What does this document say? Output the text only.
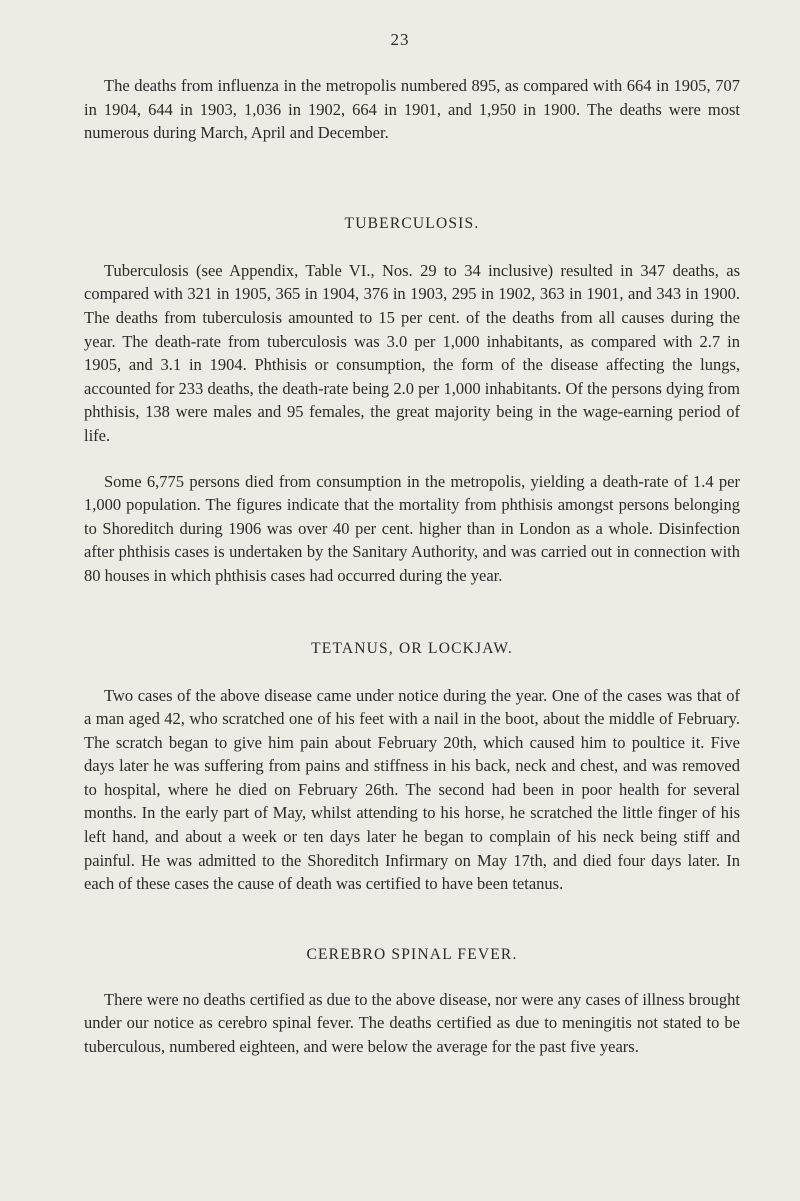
23

The deaths from influenza in the metropolis numbered 895, as compared with 664 in 1905, 707 in 1904, 644 in 1903, 1,036 in 1902, 664 in 1901, and 1,950 in 1900. The deaths were most numerous during March, April and December.

TUBERCULOSIS.

Tuberculosis (see Appendix, Table VI., Nos. 29 to 34 inclusive) resulted in 347 deaths, as compared with 321 in 1905, 365 in 1904, 376 in 1903, 295 in 1902, 363 in 1901, and 343 in 1900. The deaths from tuberculosis amounted to 15 per cent. of the deaths from all causes during the year. The death-rate from tuberculosis was 3.0 per 1,000 inhabitants, as compared with 2.7 in 1905, and 3.1 in 1904. Phthisis or consumption, the form of the disease affecting the lungs, accounted for 233 deaths, the death-rate being 2.0 per 1,000 inhabitants. Of the persons dying from phthisis, 138 were males and 95 females, the great majority being in the wage-earning period of life.

Some 6,775 persons died from consumption in the metropolis, yielding a death-rate of 1.4 per 1,000 population. The figures indicate that the mortality from phthisis amongst persons belonging to Shoreditch during 1906 was over 40 per cent. higher than in London as a whole. Disinfection after phthisis cases is undertaken by the Sanitary Authority, and was carried out in connection with 80 houses in which phthisis cases had occurred during the year.

TETANUS, OR LOCKJAW.

Two cases of the above disease came under notice during the year. One of the cases was that of a man aged 42, who scratched one of his feet with a nail in the boot, about the middle of February. The scratch began to give him pain about February 20th, which caused him to poultice it. Five days later he was suffering from pains and stiffness in his back, neck and chest, and was removed to hospital, where he died on February 26th. The second had been in poor health for several months. In the early part of May, whilst attending to his horse, he scratched the little finger of his left hand, and about a week or ten days later he began to complain of his neck being stiff and painful. He was admitted to the Shoreditch Infirmary on May 17th, and died four days later. In each of these cases the cause of death was certified to have been tetanus.

CEREBRO SPINAL FEVER.

There were no deaths certified as due to the above disease, nor were any cases of illness brought under our notice as cerebro spinal fever. The deaths certified as due to meningitis not stated to be tuberculous, numbered eighteen, and were below the average for the past five years.
